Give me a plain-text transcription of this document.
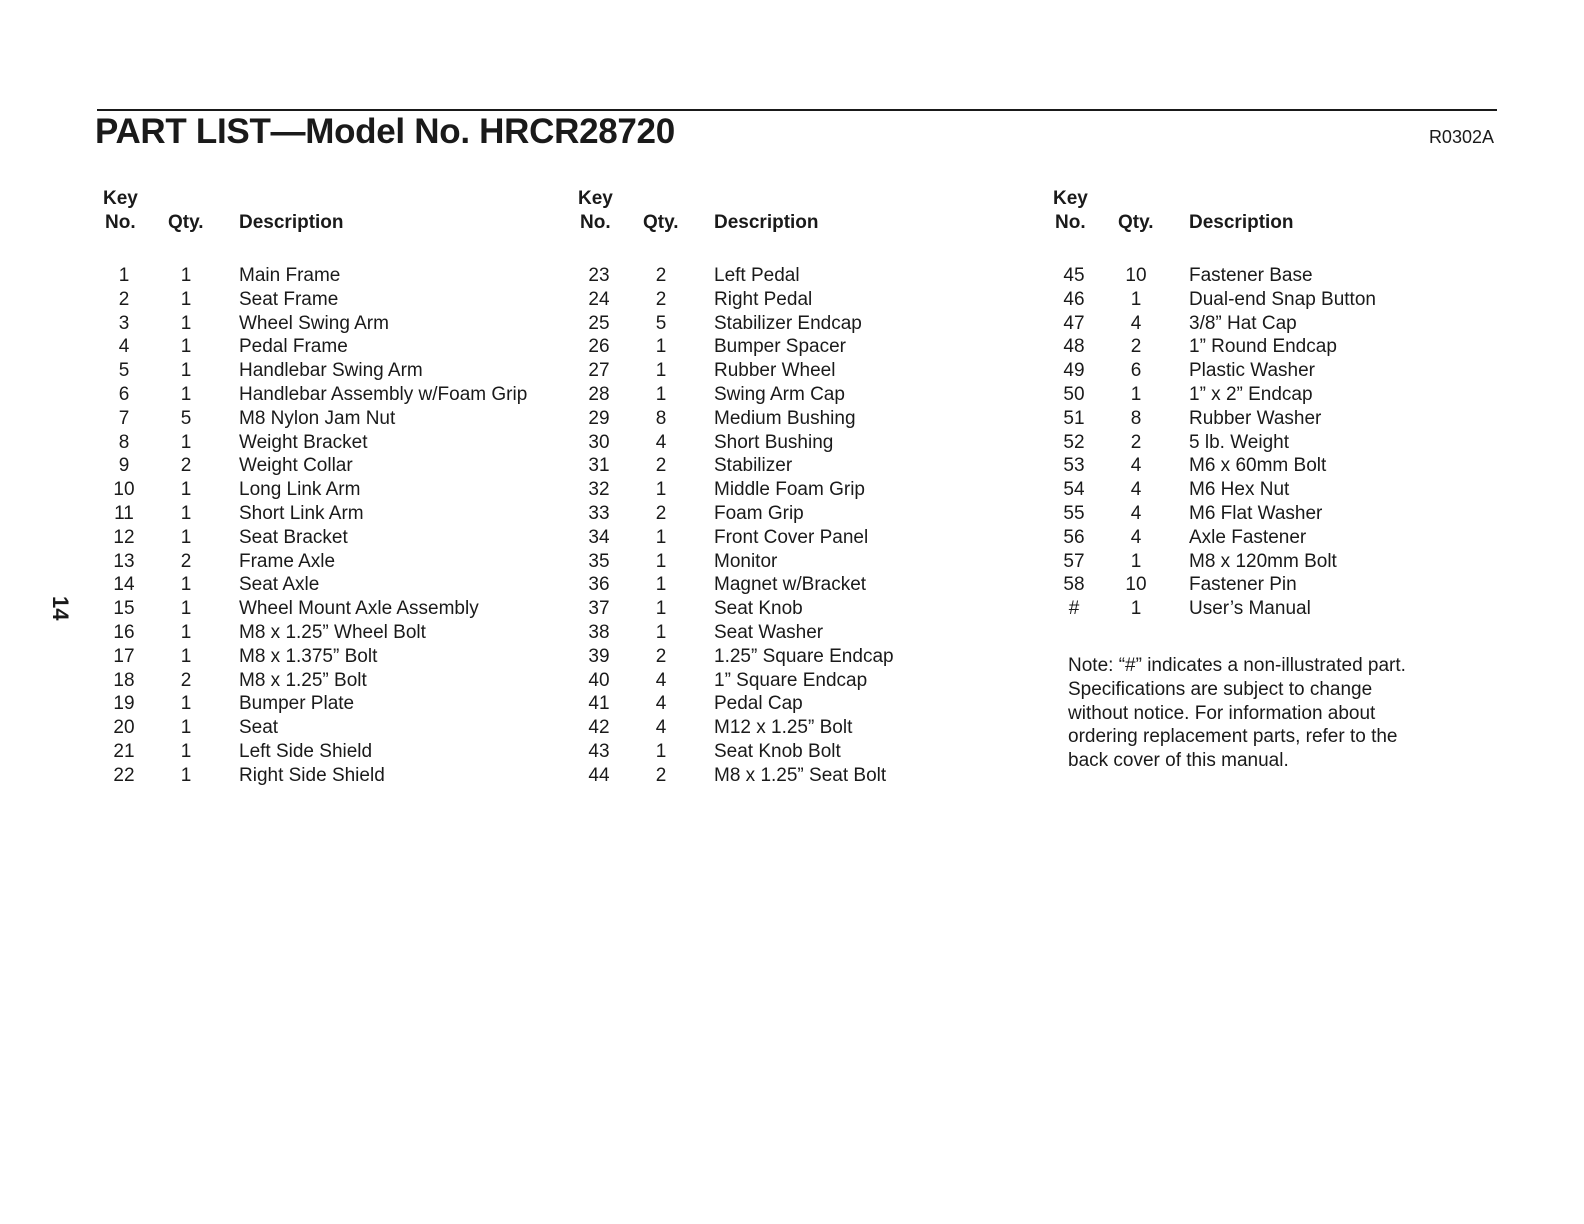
PART LIST—Model No. HRCR28720	R0302A
14
Key
No. Qty. Description
1	1	Main Frame
2	1	Seat Frame
3	1	Wheel Swing Arm
4	1	Pedal Frame
5	1	Handlebar Swing Arm
6	1	Handlebar Assembly w/Foam Grip
7	5	M8 Nylon Jam Nut
8	1	Weight Bracket
9	2	Weight Collar
10	1	Long Link Arm
11	1	Short Link Arm
12	1	Seat Bracket
13	2	Frame Axle
14	1	Seat Axle
15	1	Wheel Mount Axle Assembly
16	1	M8 x 1.25” Wheel Bolt
17	1	M8 x 1.375” Bolt
18	2	M8 x 1.25” Bolt
19	1	Bumper Plate
20	1	Seat
21	1	Left Side Shield
22	1	Right Side Shield
Key
No. Qty. Description
23	2	Left Pedal
24	2	Right Pedal
25	5	Stabilizer Endcap
26	1	Bumper Spacer
27	1	Rubber Wheel
28	1	Swing Arm Cap
29	8	Medium Bushing
30	4	Short Bushing
31	2	Stabilizer
32	1	Middle Foam Grip
33	2	Foam Grip
34	1	Front Cover Panel
35	1	Monitor
36	1	Magnet w/Bracket
37	1	Seat Knob
38	1	Seat Washer
39	2	1.25” Square Endcap
40	4	1” Square Endcap
41	4	Pedal Cap
42	4	M12 x 1.25” Bolt
43	1	Seat Knob Bolt
44	2	M8 x 1.25” Seat Bolt
Key
No. Qty. Description
45	10	Fastener Base
46	1	Dual-end Snap Button
47	4	3/8” Hat Cap
48	2	1” Round Endcap
49	6	Plastic Washer
50	1	1” x 2” Endcap
51	8	Rubber Washer
52	2	5 lb. Weight
53	4	M6 x 60mm Bolt
54	4	M6 Hex Nut
55	4	M6 Flat Washer
56	4	Axle Fastener
57	1	M8 x 120mm Bolt
58	10	Fastener Pin
#	1	User’s Manual
Note: “#” indicates a non-illustrated part. Specifications are subject to change without notice. For information about ordering replacement parts, refer to the back cover of this manual.
